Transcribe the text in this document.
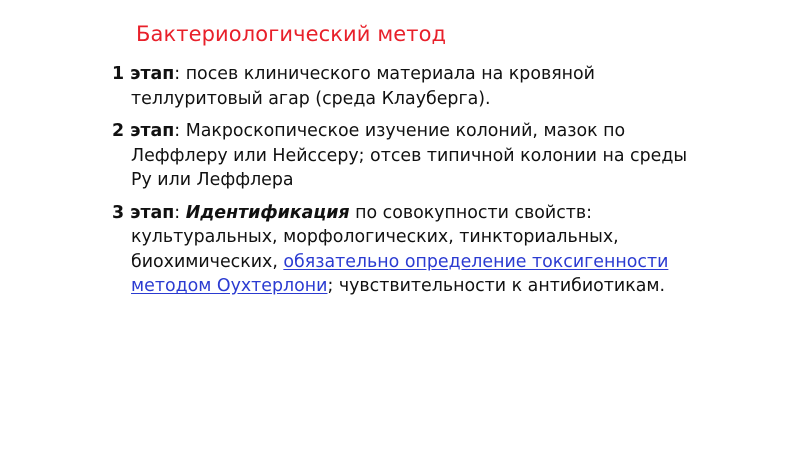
Бактериологический метод

1 этап: посев клинического материала на кровяной теллуритовый агар (среда Клауберга).

2 этап: Макроскопическое изучение колоний, мазок по Леффлеру или Нейссеру; отсев типичной колонии на среды Ру или Леффлера

3 этап: Идентификация по совокупности свойств: культуральных, морфологических, тинкториальных, биохимических, обязательно определение токсигенности методом Оухтерлони; чувствительности к антибиотикам.
